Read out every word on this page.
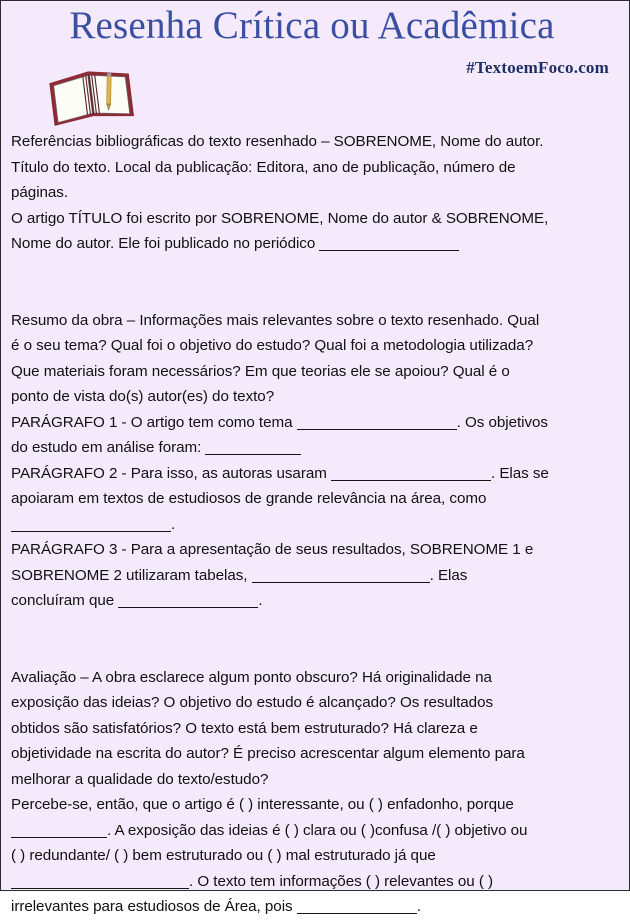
Resenha Crítica ou Acadêmica
#TextoemFoco.com

Referências bibliográficas do texto resenhado – SOBRENOME, Nome do autor.

Título do texto. Local da publicação: Editora, ano de publicação, número de

páginas.

O artigo TÍTULO foi escrito por SOBRENOME, Nome do autor & SOBRENOME,

Nome do autor. Ele foi publicado no periódico

Resumo da obra – Informações mais relevantes sobre o texto resenhado. Qual

é o seu tema? Qual foi o objetivo do estudo? Qual foi a metodologia utilizada?

Que materiais foram necessários? Em que teorias ele se apoiou? Qual é o

ponto de vista do(s) autor(es) do texto?

PARÁGRAFO 1 - O artigo tem como tema	. Os objetivos

do estudo em análise foram:

PARÁGRAFO 2 - Para isso, as autoras usaram	. Elas se

apoiaram em textos de estudiosos de grande relevância na área, como

.

PARÁGRAFO 3 - Para a apresentação de seus resultados, SOBRENOME 1 e

SOBRENOME 2 utilizaram tabelas,	. Elas

concluíram que	.

Avaliação – A obra esclarece algum ponto obscuro? Há originalidade na

exposição das ideias? O objetivo do estudo é alcançado? Os resultados

obtidos são satisfatórios? O texto está bem estruturado? Há clareza e

objetividade na escrita do autor? É preciso acrescentar algum elemento para

melhorar a qualidade do texto/estudo?

Percebe-se, então, que o artigo é ( ) interessante, ou ( ) enfadonho, porque

. A exposição das ideias é ( ) clara ou ( )confusa /( ) objetivo ou

( ) redundante/ ( ) bem estruturado ou ( ) mal estruturado já que

. O texto tem informações ( ) relevantes ou ( )

irrelevantes para estudiosos de Área, pois	.
